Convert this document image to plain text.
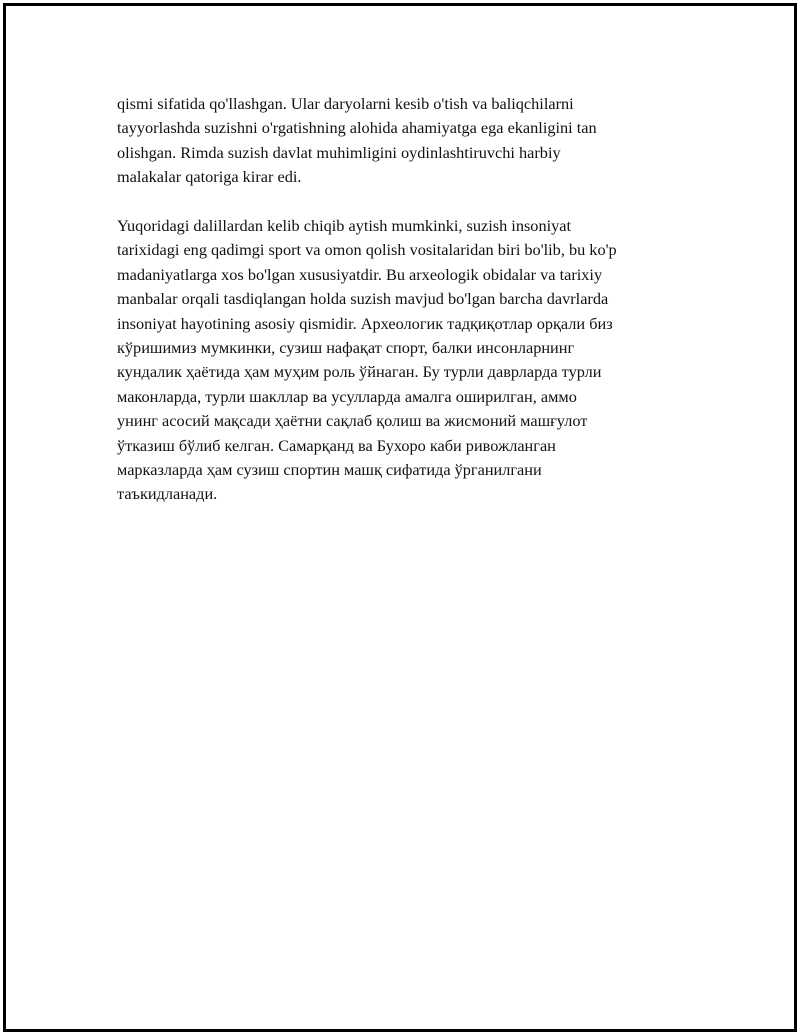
qismi sifatida qo'llashgan. Ular daryolarni kesib o'tish va baliqchilarni
tayyorlashda suzishni o'rgatishning alohida ahamiyatga ega ekanligini tan
olishgan. Rimda suzish davlat muhimligini oydinlashtiruvchi harbiy
malakalar qatoriga kirar edi.

Yuqoridagi dalillardan kelib chiqib aytish mumkinki, suzish insoniyat
tarixidagi eng qadimgi sport va omon qolish vositalaridan biri bo'lib, bu ko'p
madaniyatlarga xos bo'lgan xususiyatdir. Bu arxeologik obidalar va tarixiy
manbalar orqali tasdiqlangan holda suzish mavjud bo'lgan barcha davrlarda
insoniyat hayotining asosiy qismidir. Археологик тадқиқотлар орқали биз
кўришимиз мумкинки, сузиш нафақат спорт, балки инсонларнинг
кундалик ҳаётида ҳам муҳим роль ўйнаган. Бу турли даврларда турли
маконларда, турли шакллар ва усулларда амалга оширилган, аммо
унинг асосий мақсади ҳаётни сақлаб қолиш ва жисмоний машғулот
ўтказиш бўлиб келган. Самарқанд ва Бухоро каби ривожланган
марказларда ҳам сузиш спортин машқ сифатида ўрганилгани
таъкидланади.
